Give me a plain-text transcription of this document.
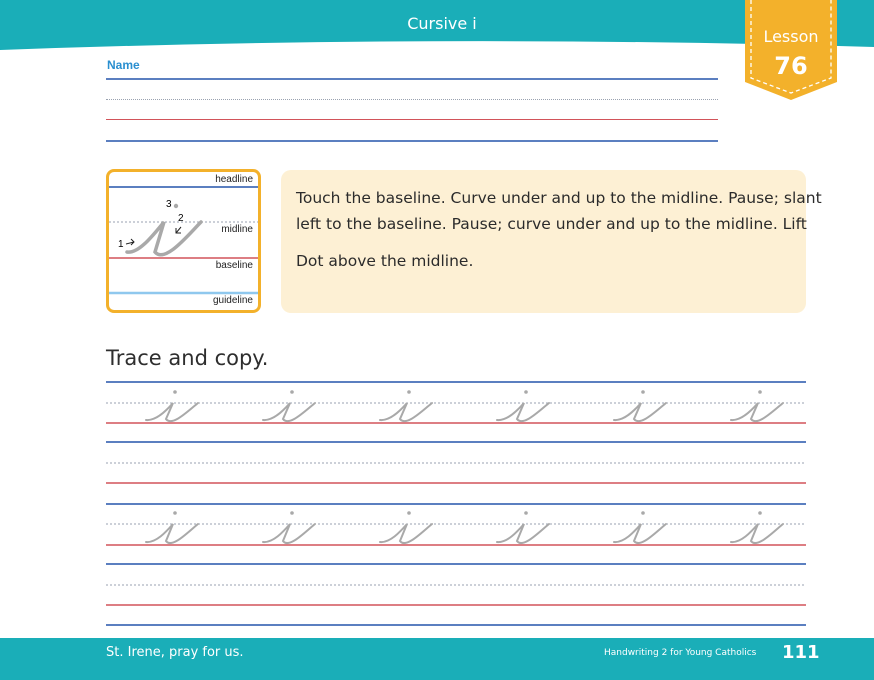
Cursive i
Lesson
76
Name
1
2
3
headline
midline
baseline
guideline
Touch the baseline. Curve under and up to the midline. Pause; slant
left to the baseline. Pause; curve under and up to the midline. Lift
Dot above the midline.
Trace and copy.
St. Irene, pray for us.	Handwriting 2 for Young Catholics 111
